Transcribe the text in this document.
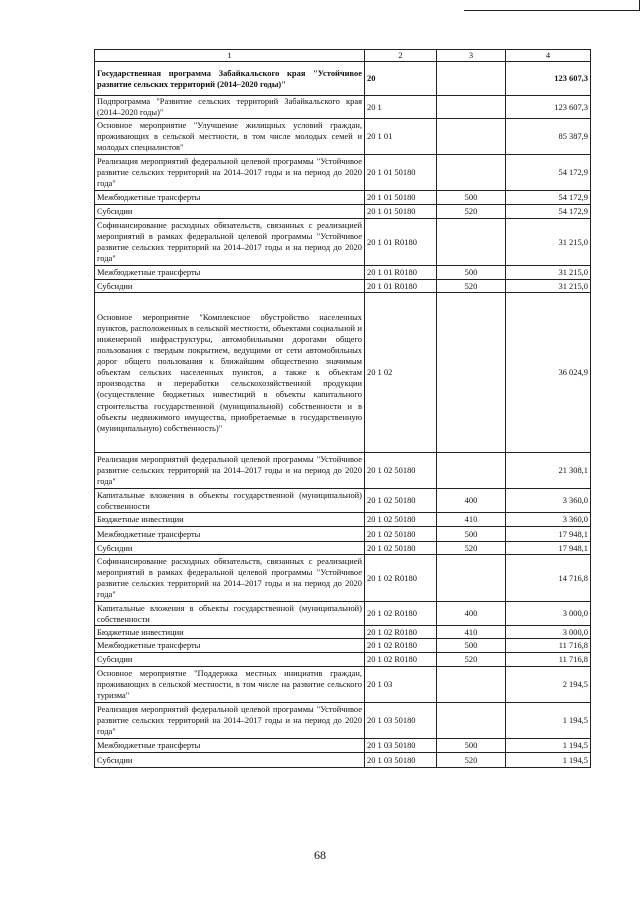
1	2	3	4
Государственная программа Забайкальского края "Устойчивое развитие сельских территорий (2014–2020 годы)"	20		123 607,3
Подпрограмма "Развитие сельских территорий Забайкальского края (2014–2020 годы)"	20 1		123 607,3
Основное мероприятие "Улучшение жилищных условий граждан, проживающих в сельской местности, в том числе молодых семей и молодых специалистов"	20 1 01		85 387,9
Реализация мероприятий федеральной целевой программы "Устойчивое развитие сельских территорий на 2014–2017 годы и на период до 2020 года"	20 1 01 50180		54 172,9
Межбюджетные трансферты	20 1 01 50180	500	54 172,9
Субсидии	20 1 01 50180	520	54 172,9
Софинансирование расходных обязательств, связанных с реализацией мероприятий в рамках федеральной целевой программы "Устойчивое развитие сельских территорий на 2014–2017 годы и на период до 2020 года"	20 1 01 R0180		31 215,0
Межбюджетные трансферты	20 1 01 R0180	500	31 215,0
Субсидии	20 1 01 R0180	520	31 215,0
Основное мероприятие "Комплексное обустройство населенных пунктов, расположенных в сельской местности, объектами социальной и инженерной инфраструктуры, автомобильными дорогами общего пользования с твердым покрытием, ведущими от сети автомобильных дорог общего пользования к ближайшим общественно значимым объектам сельских населенных пунктов, а также к объектам производства и переработки сельскохозяйственной продукции (осуществление бюджетных инвестиций в объекты капитального строительства государственной (муниципальной) собственности и в объекты недвижимого имущества, приобретаемые в государственную (муниципальную) собственность)"	20 1 02		36 024,9
Реализация мероприятий федеральной целевой программы "Устойчивое развитие сельских территорий на 2014–2017 годы и на период до 2020 года"	20 1 02 50180		21 308,1
Капитальные вложения в объекты государственной (муниципальной) собственности	20 1 02 50180	400	3 360,0
Бюджетные инвестиции	20 1 02 50180	410	3 360,0
Межбюджетные трансферты	20 1 02 50180	500	17 948,1
Субсидии	20 1 02 50180	520	17 948,1
Софинансирование расходных обязательств, связанных с реализацией мероприятий в рамках федеральной целевой программы "Устойчивое развитие сельских территорий на 2014–2017 годы и на период до 2020 года"	20 1 02 R0180		14 716,8
Капитальные вложения в объекты государственной (муниципальной) собственности	20 1 02 R0180	400	3 000,0
Бюджетные инвестиции	20 1 02 R0180	410	3 000,0
Межбюджетные трансферты	20 1 02 R0180	500	11 716,8
Субсидии	20 1 02 R0180	520	11 716,8
Основное мероприятие "Поддержка местных инициатив граждан, проживающих в сельской местности, в том числе на развитие сельского туризма"	20 1 03		2 194,5
Реализация мероприятий федеральной целевой программы "Устойчивое развитие сельских территорий на 2014–2017 годы и на период до 2020 года"	20 1 03 50180		1 194,5
Межбюджетные трансферты	20 1 03 50180	500	1 194,5
Субсидии	20 1 03 50180	520	1 194,5
68
